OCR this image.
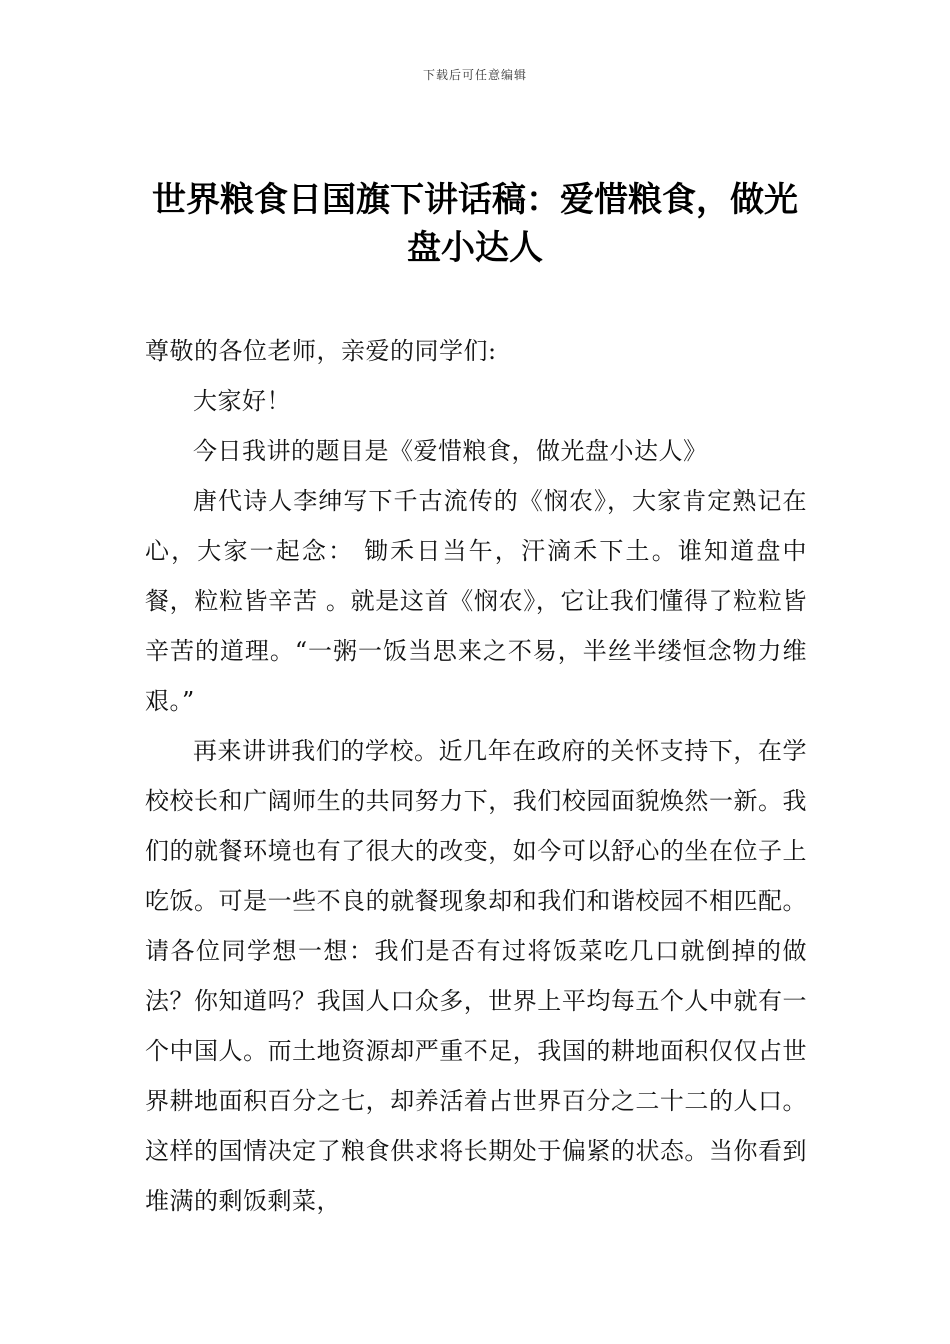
下载后可任意编辑
世界粮食日国旗下讲话稿：爱惜粮食，做光盘小达人

尊敬的各位老师，亲爱的同学们:

大家好！

今日我讲的题目是《爱惜粮食，做光盘小达人》

唐代诗人李绅写下千古流传的《悯农》，大家肯定熟记在心，大家一起念： 锄禾日当午，汗滴禾下土。谁知道盘中餐，粒粒皆辛苦 。就是这首《悯农》，它让我们懂得了粒粒皆辛苦的道理。“一粥一饭当思来之不易，半丝半缕恒念物力维艰。”

再来讲讲我们的学校。近几年在政府的关怀支持下，在学校校长和广阔师生的共同努力下，我们校园面貌焕然一新。我们的就餐环境也有了很大的改变，如今可以舒心的坐在位子上吃饭。可是一些不良的就餐现象却和我们和谐校园不相匹配。请各位同学想一想：我们是否有过将饭菜吃几口就倒掉的做法？你知道吗？我国人口众多，世界上平均每五个人中就有一个中国人。而土地资源却严重不足，我国的耕地面积仅仅占世界耕地面积百分之七，却养活着占世界百分之二十二的人口。这样的国情决定了粮食供求将长期处于偏紧的状态。当你看到堆满的剩饭剩菜，
